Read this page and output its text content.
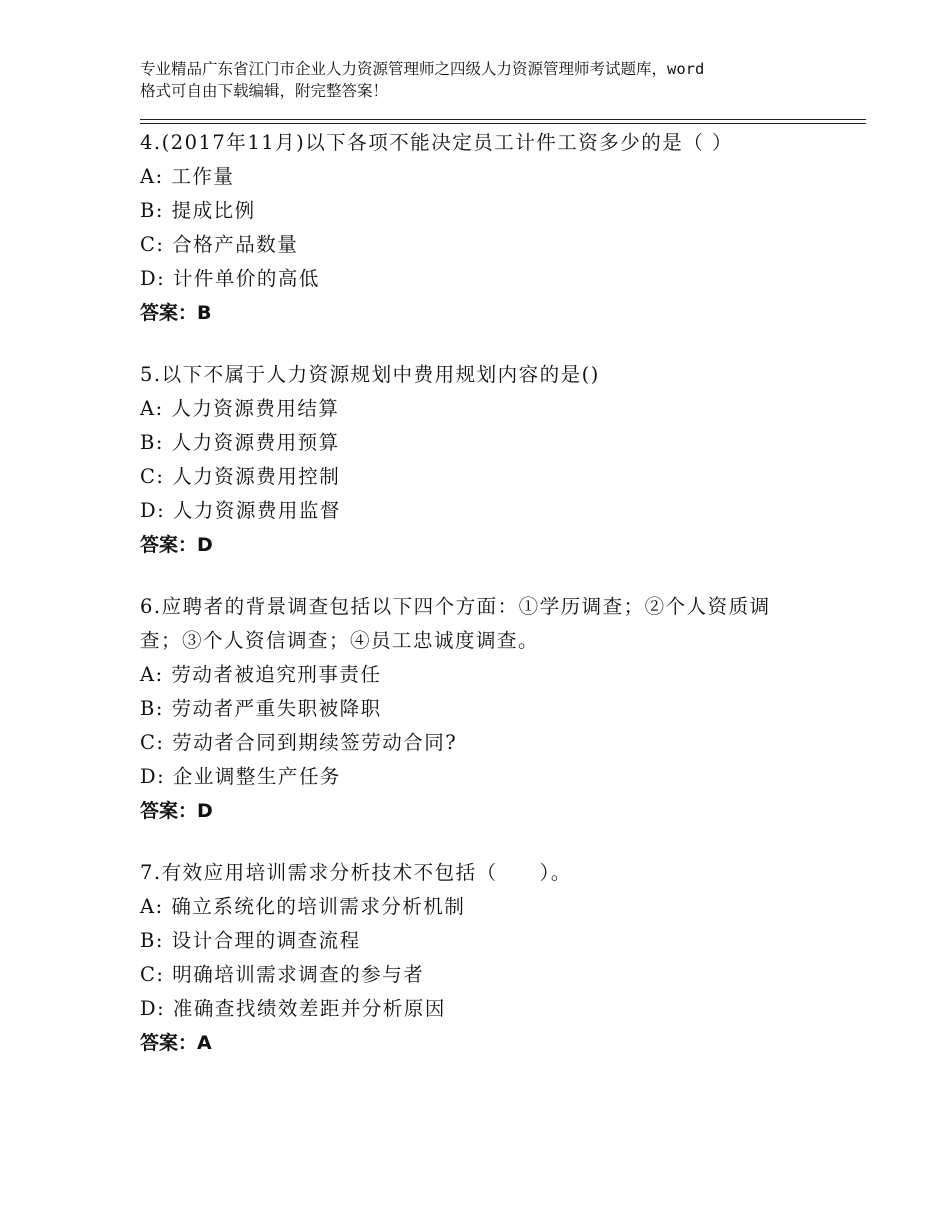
专业精品广东省江门市企业人力资源管理师之四级人力资源管理师考试题库，word
格式可自由下载编辑，附完整答案！
4.(2017年11月)以下各项不能决定员工计件工资多少的是（ ）
A: 工作量
B: 提成比例
C: 合格产品数量
D: 计件单价的高低
答案：B
5.以下不属于人力资源规划中费用规划内容的是()
A: 人力资源费用结算
B: 人力资源费用预算
C: 人力资源费用控制
D: 人力资源费用监督
答案：D
6.应聘者的背景调查包括以下四个方面：①学历调查；②个人资质调
查；③个人资信调查；④员工忠诚度调查。
A: 劳动者被追究刑事责任
B: 劳动者严重失职被降职
C: 劳动者合同到期续签劳动合同?
D: 企业调整生产任务
答案：D
7.有效应用培训需求分析技术不包括（　　）。
A: 确立系统化的培训需求分析机制
B: 设计合理的调查流程
C: 明确培训需求调查的参与者
D: 准确查找绩效差距并分析原因
答案：A
